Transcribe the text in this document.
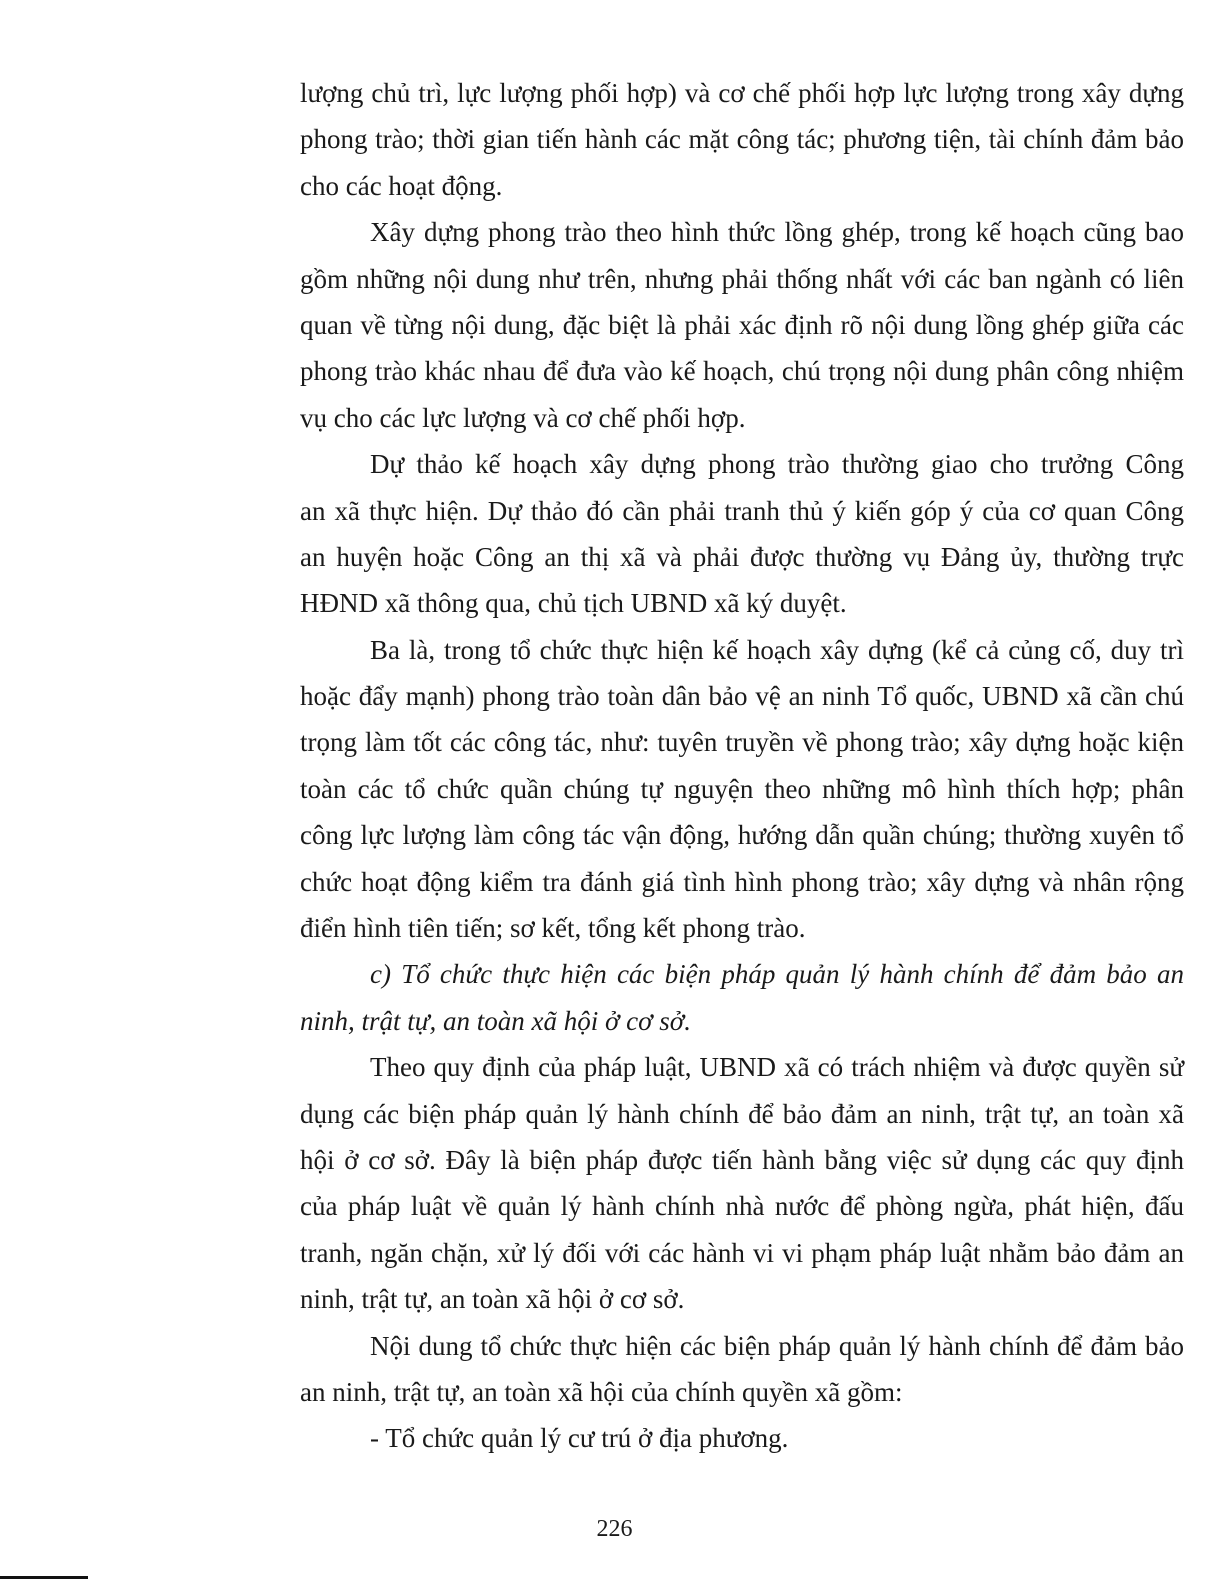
lượng chủ trì, lực lượng phối hợp) và cơ chế phối hợp lực lượng trong xây dựng
phong trào; thời gian tiến hành các mặt công tác; phương tiện, tài chính đảm bảo
cho các hoạt động.
Xây dựng phong trào theo hình thức lồng ghép, trong kế hoạch cũng bao
gồm những nội dung như trên, nhưng phải thống nhất với các ban ngành có liên
quan về từng nội dung, đặc biệt là phải xác định rõ nội dung lồng ghép giữa các
phong trào khác nhau để đưa vào kế hoạch, chú trọng nội dung phân công nhiệm
vụ cho các lực lượng và cơ chế phối hợp.
Dự thảo kế hoạch xây dựng phong trào thường giao cho trưởng Công
an xã thực hiện. Dự thảo đó cần phải tranh thủ ý kiến góp ý của cơ quan Công
an huyện hoặc Công an thị xã và phải được thường vụ Đảng ủy, thường trực
HĐND xã thông qua, chủ tịch UBND xã ký duyệt.
Ba là, trong tổ chức thực hiện kế hoạch xây dựng (kể cả củng cố, duy trì
hoặc đẩy mạnh) phong trào toàn dân bảo vệ an ninh Tổ quốc, UBND xã cần chú
trọng làm tốt các công tác, như: tuyên truyền về phong trào; xây dựng hoặc kiện
toàn các tổ chức quần chúng tự nguyện theo những mô hình thích hợp; phân
công lực lượng làm công tác vận động, hướng dẫn quần chúng; thường xuyên tổ
chức hoạt động kiểm tra đánh giá tình hình phong trào; xây dựng và nhân rộng
điển hình tiên tiến; sơ kết, tổng kết phong trào.
c) Tổ chức thực hiện các biện pháp quản lý hành chính để đảm bảo an
ninh, trật tự, an toàn xã hội ở cơ sở.
Theo quy định của pháp luật, UBND xã có trách nhiệm và được quyền sử
dụng các biện pháp quản lý hành chính để bảo đảm an ninh, trật tự, an toàn xã
hội ở cơ sở. Đây là biện pháp được tiến hành bằng việc sử dụng các quy định
của pháp luật về quản lý hành chính nhà nước để phòng ngừa, phát hiện, đấu
tranh, ngăn chặn, xử lý đối với các hành vi vi phạm pháp luật nhằm bảo đảm an
ninh, trật tự, an toàn xã hội ở cơ sở.
Nội dung tổ chức thực hiện các biện pháp quản lý hành chính để đảm bảo
an ninh, trật tự, an toàn xã hội của chính quyền xã gồm:
- Tổ chức quản lý cư trú ở địa phương.
226
